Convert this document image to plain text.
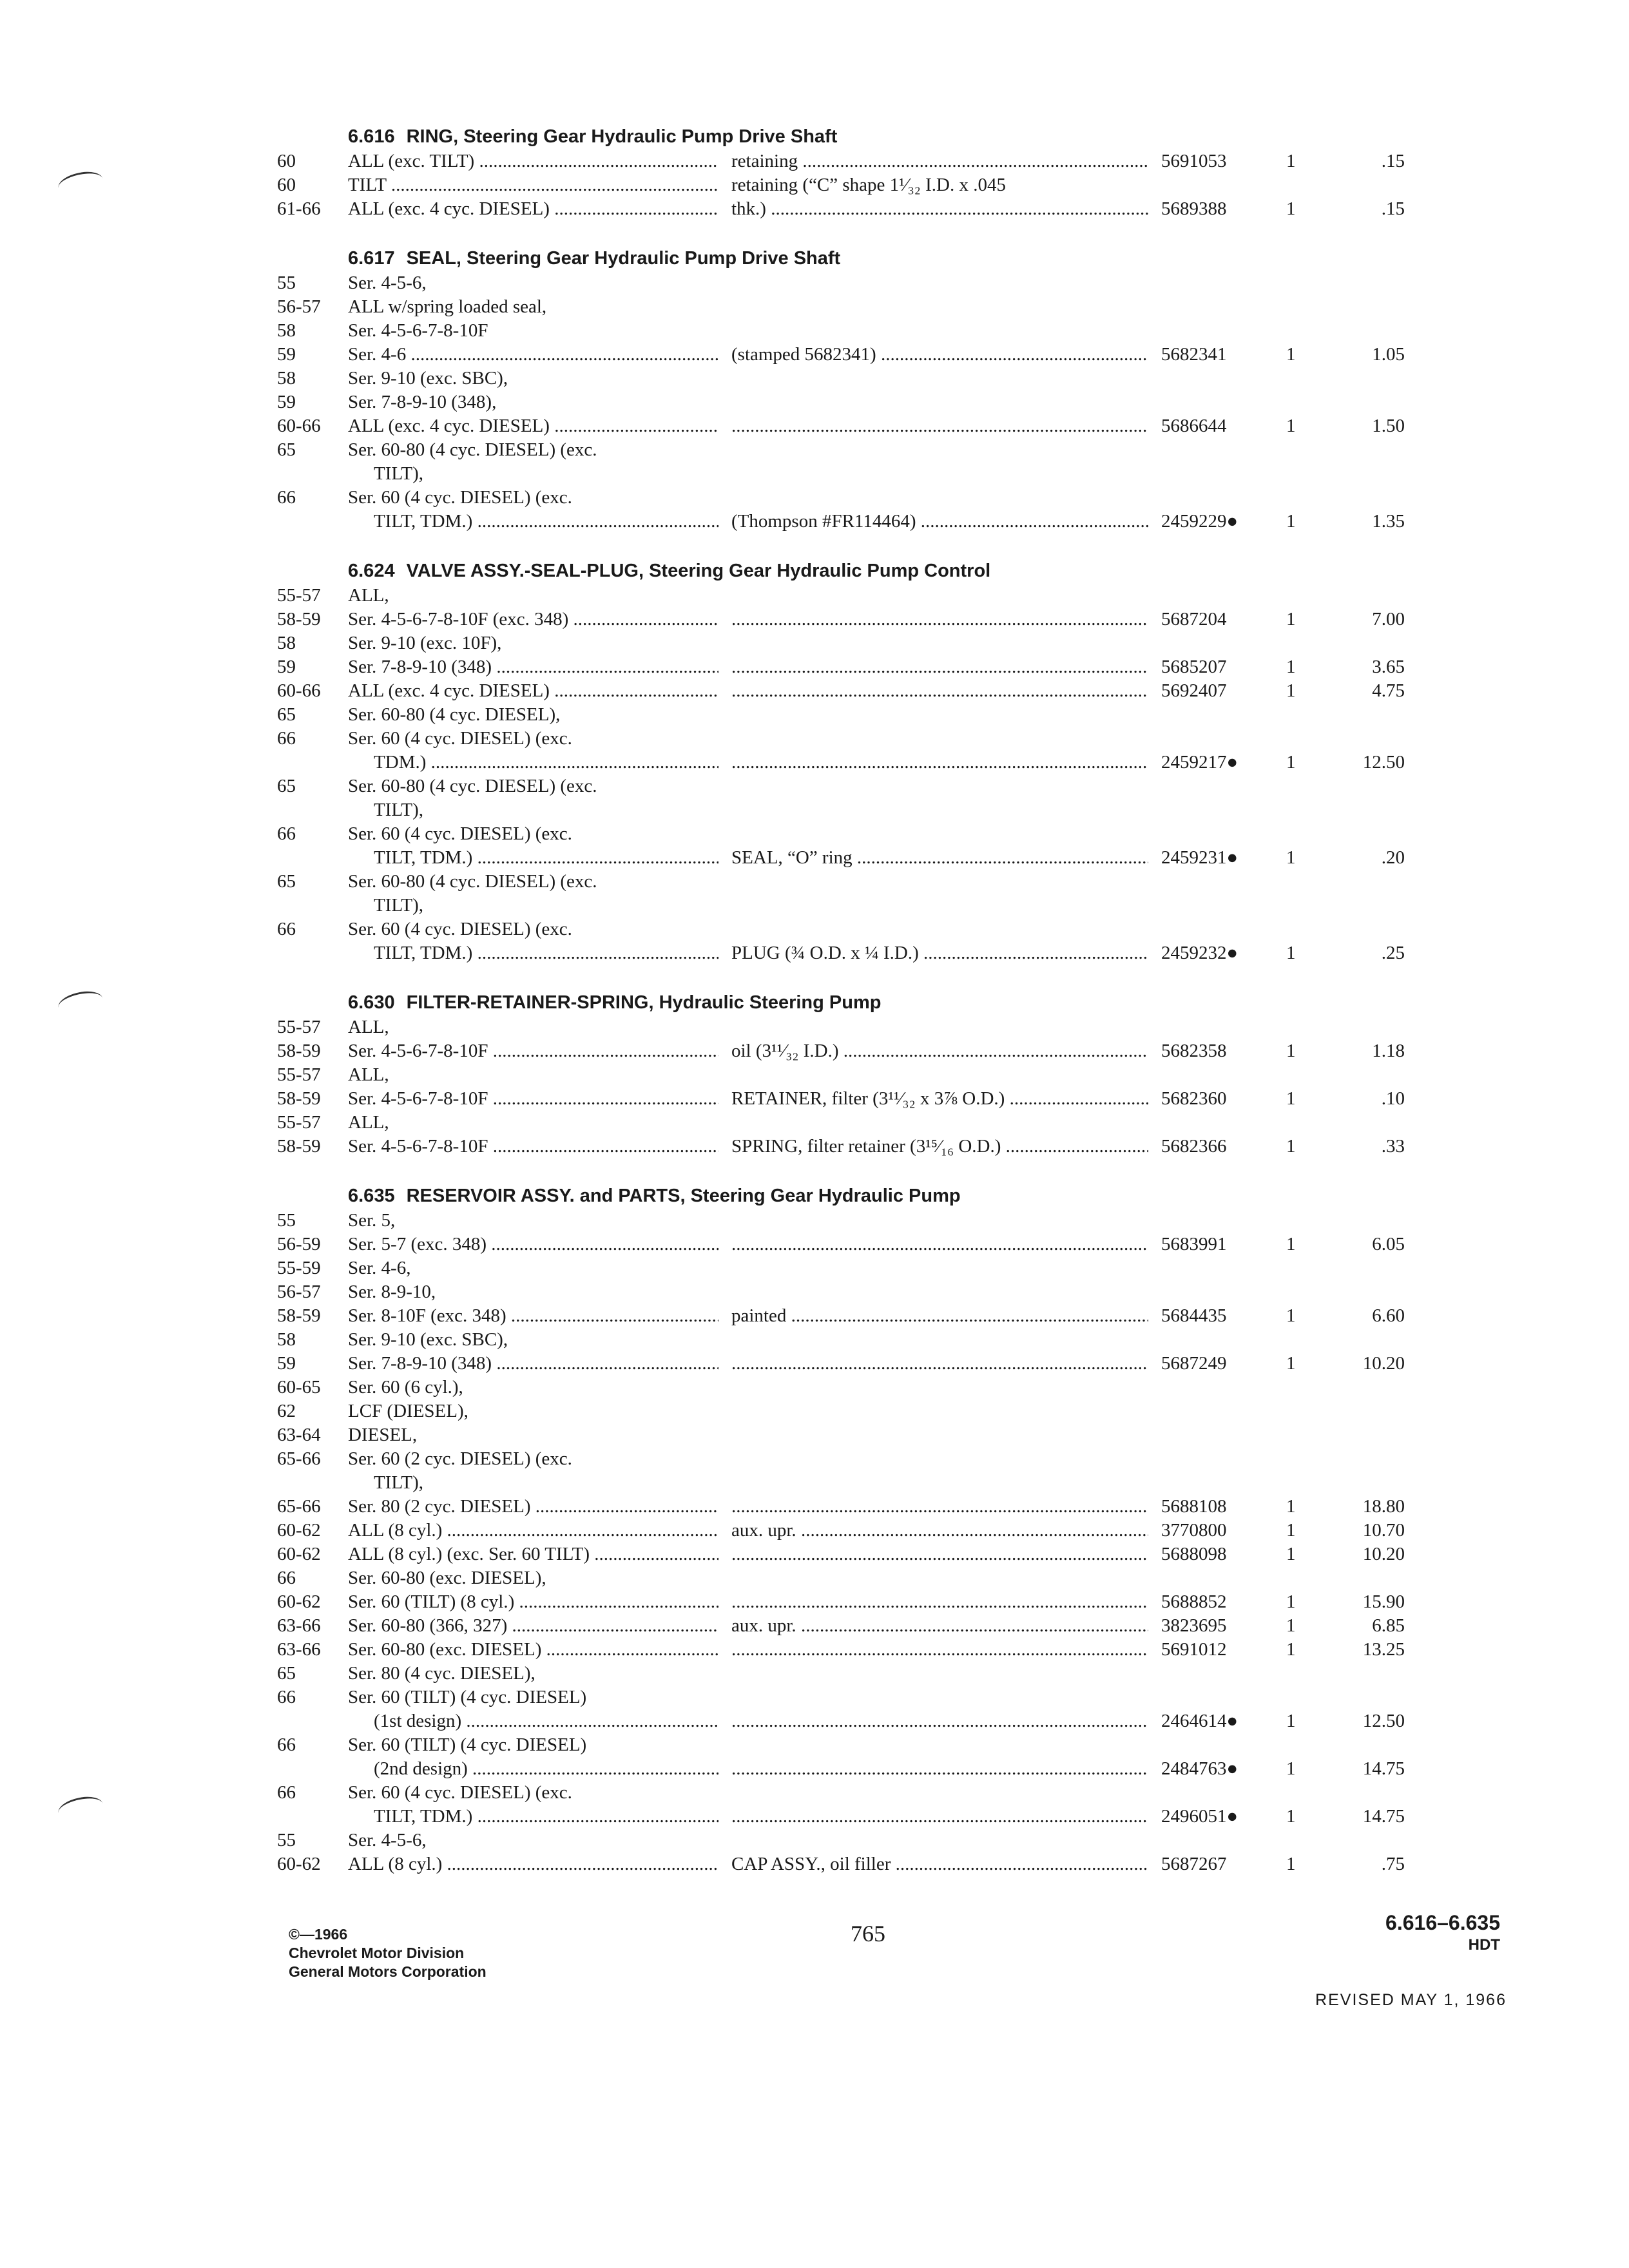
6.616 RING, Steering Gear Hydraulic Pump Drive Shaft
60	ALL (exc. TILT) .....	retaining .....	5691053	1	.15
60	TILT .....	retaining (“C” shape 1¹⁄₃₂ I.D. x .045
61-66	ALL (exc. 4 cyc. DIESEL) .....	thk.) .....	5689388	1	.15
6.617 SEAL, Steering Gear Hydraulic Pump Drive Shaft
55	Ser. 4-5-6,
56-57	ALL w/spring loaded seal,
58	Ser. 4-5-6-7-8-10F
59	Ser. 4-6 .....	(stamped 5682341) .....	5682341	1	1.05
58	Ser. 9-10 (exc. SBC),
59	Ser. 7-8-9-10 (348),
60-66	ALL (exc. 4 cyc. DIESEL) ..... .....	5686644	1	1.50
65	Ser. 60-80 (4 cyc. DIESEL) (exc.
TILT),
66	Ser. 60 (4 cyc. DIESEL) (exc.
TILT, TDM.) .....	(Thompson #FR114464) .....	2459229●	1	1.35
6.624 VALVE ASSY.-SEAL-PLUG, Steering Gear Hydraulic Pump Control
55-57	ALL,
58-59	Ser. 4-5-6-7-8-10F (exc. 348) ..... .....	5687204	1	7.00
58	Ser. 9-10 (exc. 10F),
59	Ser. 7-8-9-10 (348) ..... .....	5685207	1	3.65
60-66	ALL (exc. 4 cyc. DIESEL) ..... .....	5692407	1	4.75
65	Ser. 60-80 (4 cyc. DIESEL),
66	Ser. 60 (4 cyc. DIESEL) (exc.
TDM.) ..... .....	2459217●	1	12.50
65	Ser. 60-80 (4 cyc. DIESEL) (exc.
TILT),
66	Ser. 60 (4 cyc. DIESEL) (exc.
TILT, TDM.) .....	SEAL, “O” ring .....	2459231●	1	.20
65	Ser. 60-80 (4 cyc. DIESEL) (exc.
TILT),
66	Ser. 60 (4 cyc. DIESEL) (exc.
TILT, TDM.) .....	PLUG (¾ O.D. x ¼ I.D.) .....	2459232●	1	.25
6.630 FILTER-RETAINER-SPRING, Hydraulic Steering Pump
55-57	ALL,
58-59	Ser. 4-5-6-7-8-10F .....	oil (3¹¹⁄₃₂ I.D.) .....	5682358	1	1.18
55-57	ALL,
58-59	Ser. 4-5-6-7-8-10F .....	RETAINER, filter (3¹¹⁄₃₂ x 3⅞ O.D.) .....	5682360	1	.10
55-57	ALL,
58-59	Ser. 4-5-6-7-8-10F .....	SPRING, filter retainer (3¹⁵⁄₁₆ O.D.) .....	5682366	1	.33
6.635 RESERVOIR ASSY. and PARTS, Steering Gear Hydraulic Pump
55	Ser. 5,
56-59	Ser. 5-7 (exc. 348) ..... .....	5683991	1	6.05
55-59	Ser. 4-6,
56-57	Ser. 8-9-10,
58-59	Ser. 8-10F (exc. 348) .....	painted .....	5684435	1	6.60
58	Ser. 9-10 (exc. SBC),
59	Ser. 7-8-9-10 (348) ..... .....	5687249	1	10.20
60-65	Ser. 60 (6 cyl.),
62	LCF (DIESEL),
63-64	DIESEL,
65-66	Ser. 60 (2 cyc. DIESEL) (exc.
TILT),
65-66	Ser. 80 (2 cyc. DIESEL) ..... .....	5688108	1	18.80
60-62	ALL (8 cyl.) .....	aux. upr. .....	3770800	1	10.70
60-62	ALL (8 cyl.) (exc. Ser. 60 TILT) ..... .....	5688098	1	10.20
66	Ser. 60-80 (exc. DIESEL),
60-62	Ser. 60 (TILT) (8 cyl.) ..... .....	5688852	1	15.90
63-66	Ser. 60-80 (366, 327) .....	aux. upr. .....	3823695	1	6.85
63-66	Ser. 60-80 (exc. DIESEL) ..... .....	5691012	1	13.25
65	Ser. 80 (4 cyc. DIESEL),
66	Ser. 60 (TILT) (4 cyc. DIESEL)
(1st design) ..... .....	2464614●	1	12.50
66	Ser. 60 (TILT) (4 cyc. DIESEL)
(2nd design) ..... .....	2484763●	1	14.75
66	Ser. 60 (4 cyc. DIESEL) (exc.
TILT, TDM.) ..... .....	2496051●	1	14.75
55	Ser. 4-5-6,
60-62	ALL (8 cyl.) .....	CAP ASSY., oil filler .....	5687267	1	.75
©—1966
Chevrolet Motor Division
General Motors Corporation
765	6.616–6.635
HDT
REVISED MAY 1, 1966
